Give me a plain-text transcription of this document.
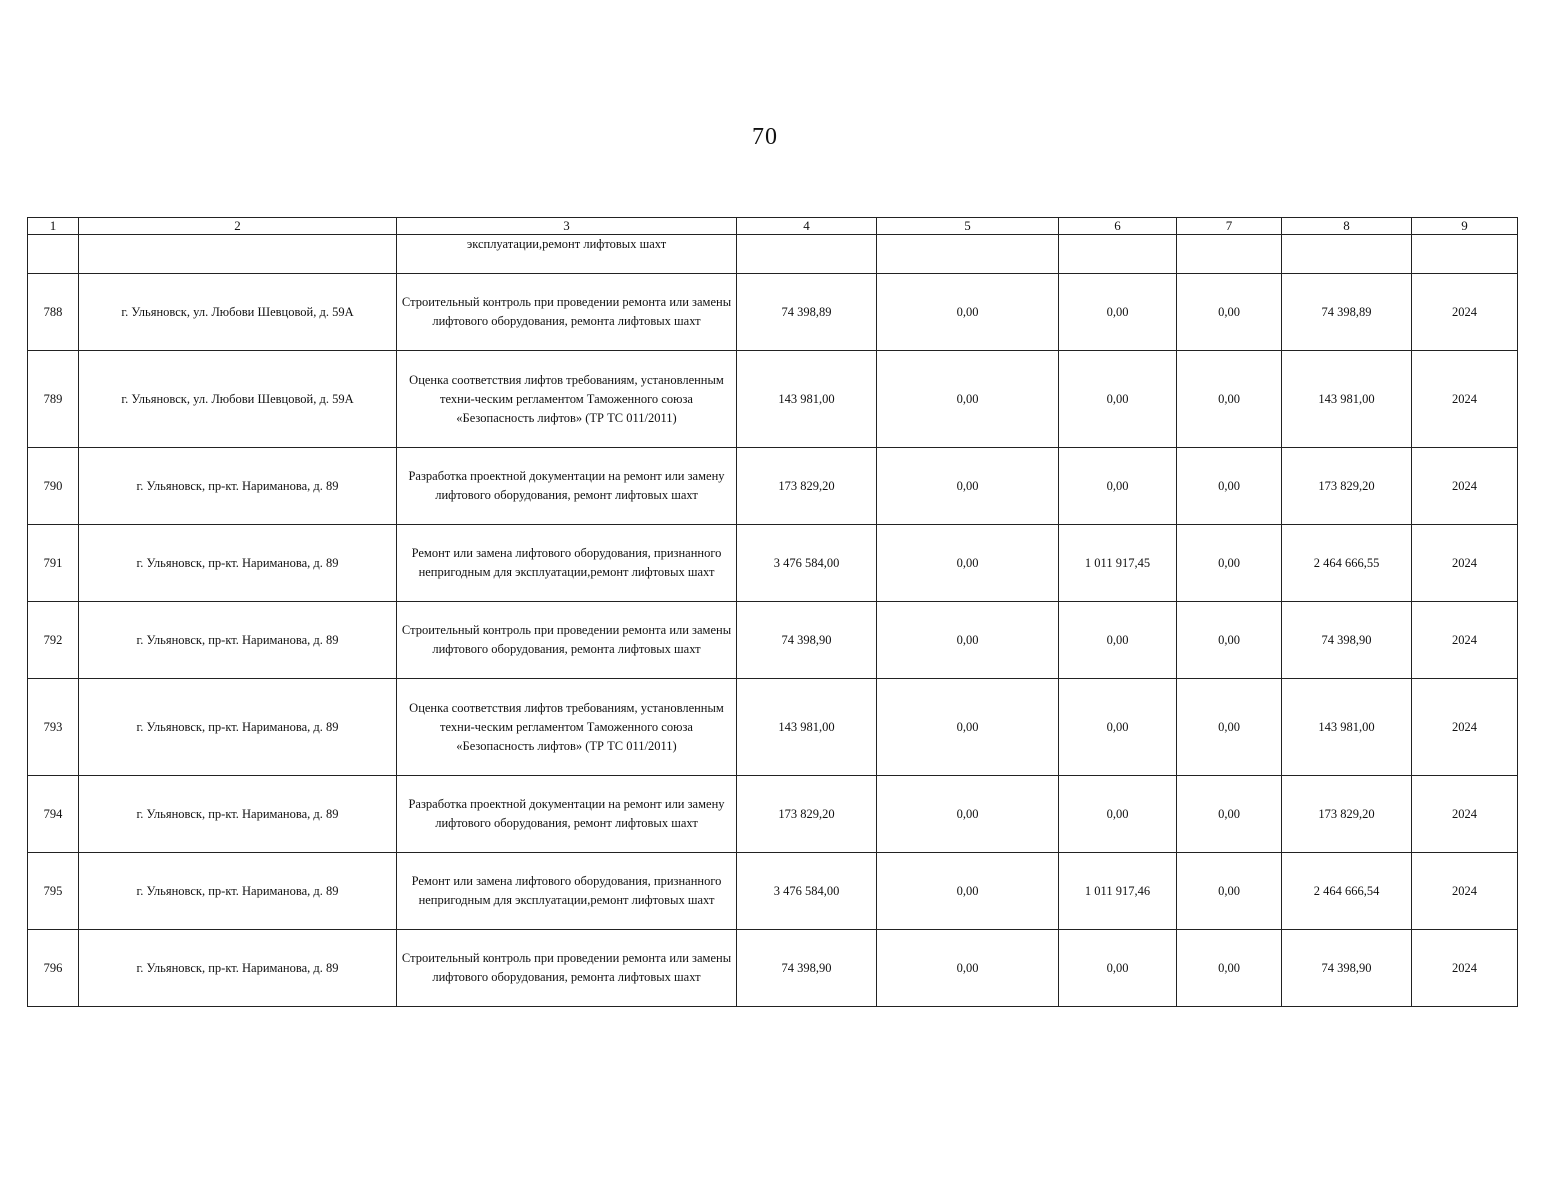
70
1	2	3	4	5	6	7	8	9
		эксплуатации,ремонт лифтовых шахт						
788	г. Ульяновск, ул. Любови Шевцовой, д. 59А	Строительный контроль при проведении ремонта или замены лифтового оборудования, ремонта лифтовых шахт	74 398,89	0,00	0,00	0,00	74 398,89	2024
789	г. Ульяновск, ул. Любови Шевцовой, д. 59А	Оценка соответствия лифтов требованиям, установленным техни-ческим регламентом Таможенного союза «Безопасность лифтов» (ТР ТС 011/2011)	143 981,00	0,00	0,00	0,00	143 981,00	2024
790	г. Ульяновск, пр-кт. Нариманова, д. 89	Разработка проектной документации на ремонт или замену лифтового оборудования, ремонт лифтовых шахт	173 829,20	0,00	0,00	0,00	173 829,20	2024
791	г. Ульяновск, пр-кт. Нариманова, д. 89	Ремонт или замена лифтового оборудования, признанного непригодным для эксплуатации,ремонт лифтовых шахт	3 476 584,00	0,00	1 011 917,45	0,00	2 464 666,55	2024
792	г. Ульяновск, пр-кт. Нариманова, д. 89	Строительный контроль при проведении ремонта или замены лифтового оборудования, ремонта лифтовых шахт	74 398,90	0,00	0,00	0,00	74 398,90	2024
793	г. Ульяновск, пр-кт. Нариманова, д. 89	Оценка соответствия лифтов требованиям, установленным техни-ческим регламентом Таможенного союза «Безопасность лифтов» (ТР ТС 011/2011)	143 981,00	0,00	0,00	0,00	143 981,00	2024
794	г. Ульяновск, пр-кт. Нариманова, д. 89	Разработка проектной документации на ремонт или замену лифтового оборудования, ремонт лифтовых шахт	173 829,20	0,00	0,00	0,00	173 829,20	2024
795	г. Ульяновск, пр-кт. Нариманова, д. 89	Ремонт или замена лифтового оборудования, признанного непригодным для эксплуатации,ремонт лифтовых шахт	3 476 584,00	0,00	1 011 917,46	0,00	2 464 666,54	2024
796	г. Ульяновск, пр-кт. Нариманова, д. 89	Строительный контроль при проведении ремонта или замены лифтового оборудования, ремонта лифтовых шахт	74 398,90	0,00	0,00	0,00	74 398,90	2024
